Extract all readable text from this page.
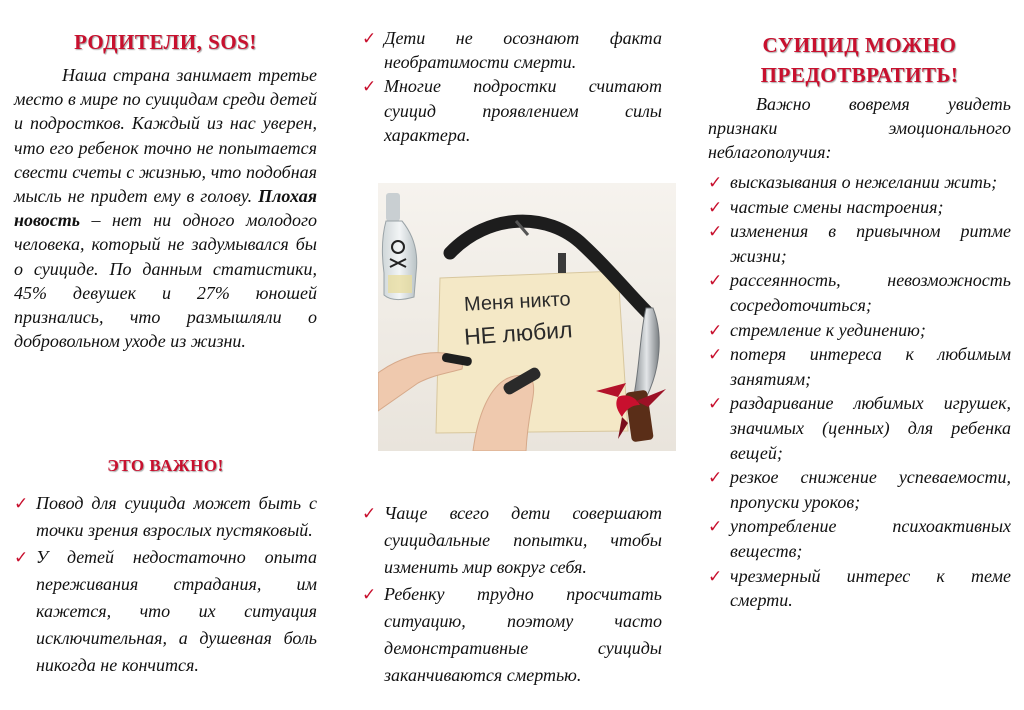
РОДИТЕЛИ, SOS!

Наша страна занимает третье место в мире по суицидам среди детей и подростков. Каждый из нас уверен, что его ребенок точно не попытается свести счеты с жизнью, что подобная мысль не придет ему в голову. Плохая новость – нет ни одного молодого человека, который не задумывался бы о суициде. По данным статистики, 45% девушек и 27% юношей признались, что размышляли о добровольном уходе из жизни.

ЭТО ВАЖНО!
✓ Повод для суицида может быть с точки зрения взрослых пустяковый.
✓ У детей недостаточно опыта переживания страдания, им кажется, что их ситуация исключительная, а душевная боль никогда не кончится.
✓ Дети не осознают факта необратимости смерти.
✓ Многие подростки считают суицид проявлением силы характера.
✓ Чаще всего дети совершают суицидальные попытки, чтобы изменить мир вокруг себя.
✓ Ребенку трудно просчитать ситуацию, поэтому часто демонстративные суициды заканчиваются смертью.
Меня никто
НЕ любил
СУИЦИД МОЖНО
ПРЕДОТВРАТИТЬ!

Важно вовремя увидеть признаки эмоционального неблагополучия:

✓ высказывания о нежелании жить;
✓ частые смены настроения;
✓ изменения в привычном ритме жизни;
✓ рассеянность, невозможность сосредоточиться;
✓ стремление к уединению;
✓ потеря интереса к любимым занятиям;
✓ раздаривание любимых игрушек, значимых (ценных) для ребенка вещей;
✓ резкое снижение успеваемости, пропуски уроков;
✓ употребление психоактивных веществ;
✓ чрезмерный интерес к теме смерти.
